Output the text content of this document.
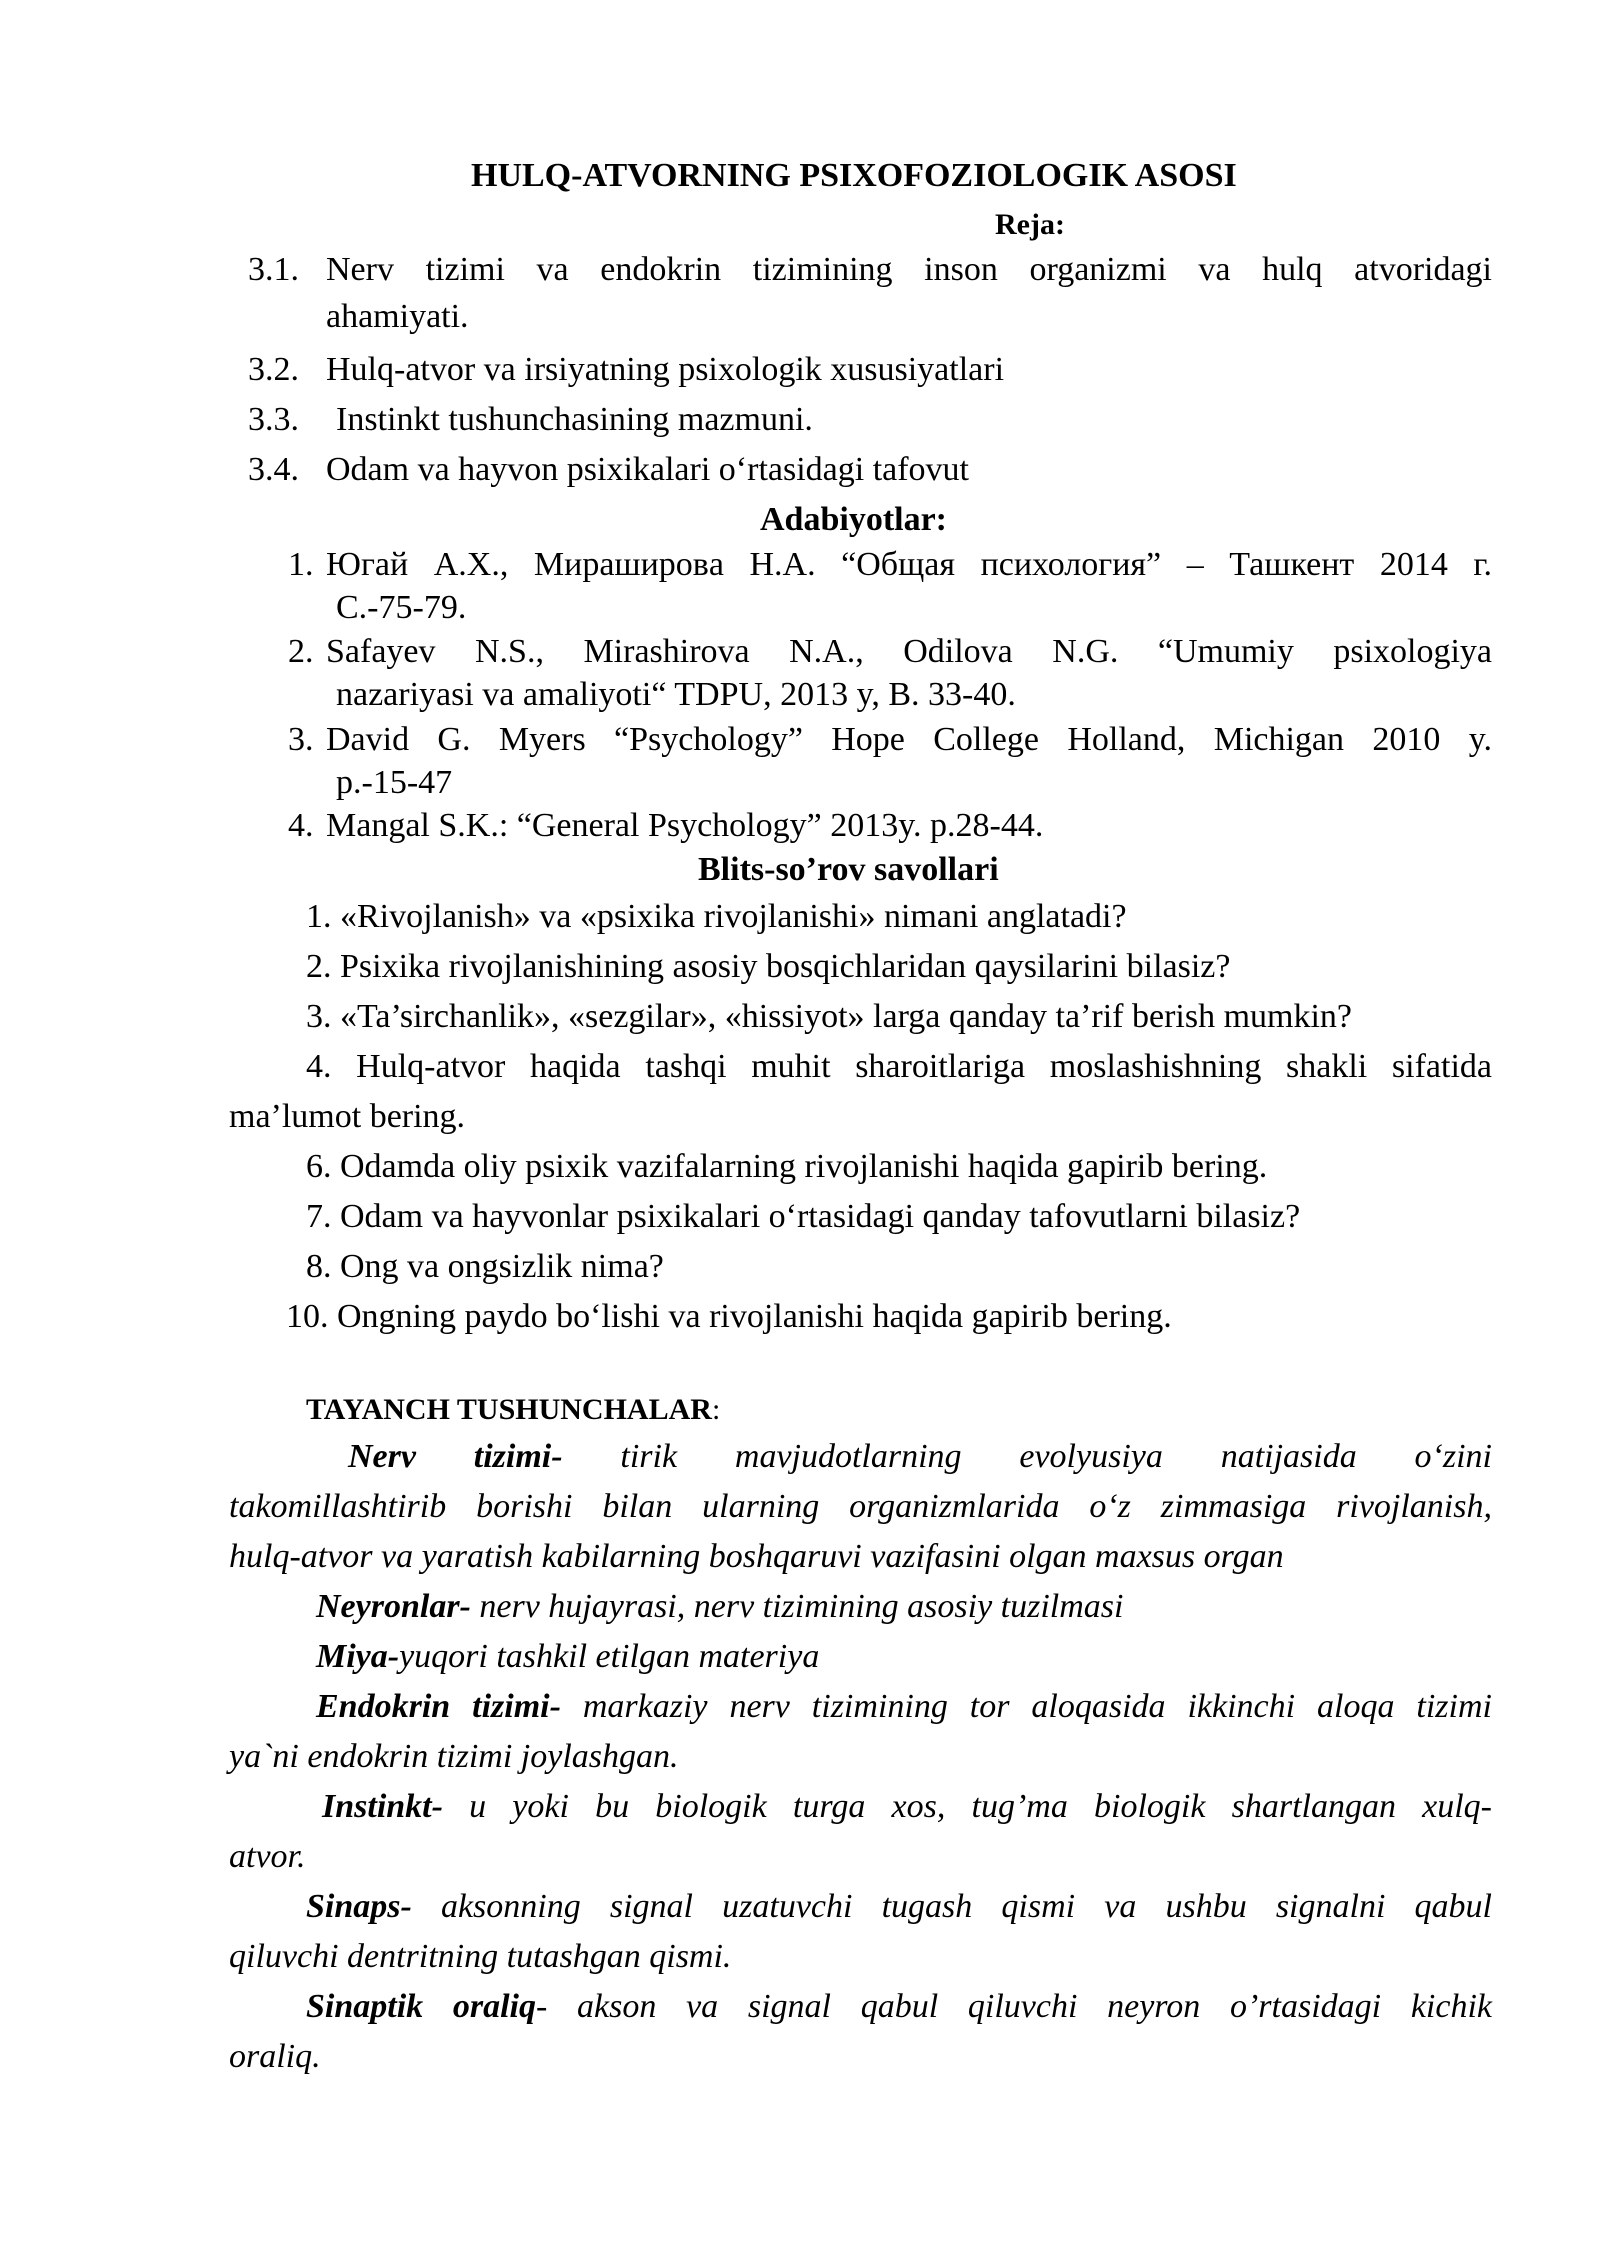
HULQ-ATVORNING PSIXOFOZIOLOGIK ASOSI
Reja:
3.1. Nerv tizimi va endokrin tizimining inson organizmi va hulq atvoridagi
ahamiyati.
3.2. Hulq-atvor va irsiyatning psixologik xususiyatlari
3.3. Instinkt tushunchasining mazmuni.
3.4. Odam va hayvon psixikalari o‘rtasidagi tafovut
Adabiyotlar:
1. Югай А.Х., Мирашировa Н.А. “Общая психология” – Ташкент 2014 г.
С.-75-79.
2. Safayev N.S., Mirashirova N.A., Odilova N.G. “Umumiy psixologiya
nazariyasi va amaliyoti“ TDPU, 2013 y, B. 33-40.
3. David G. Myers “Psychology” Hope College Holland, Michigan 2010 y.
p.-15-47
4. Mangal S.K.: “General Psychology” 2013y. p.28-44.
Blits-so’rov savollari
1. «Rivojlanish» va «psixika rivojlanishi» nimani anglatadi?
2. Psixika rivojlanishining asosiy bosqichlaridan qaysilarini bilasiz?
3. «Ta’sirchanlik», «sezgilar», «hissiyot» larga qanday ta’rif berish mumkin?
4. Hulq-atvor haqida tashqi muhit sharoitlariga moslashishning shakli sifatida
ma’lumot bering.
6. Odamda oliy psixik vazifalarning rivojlanishi haqida gapirib bering.
7. Odam va hayvonlar psixikalari o‘rtasidagi qanday tafovutlarni bilasiz?
8. Ong va ongsizlik nima?
10. Ongning paydo bo‘lishi va rivojlanishi haqida gapirib bering.
TAYANCH TUSHUNCHALAR:
Nerv tizimi- tirik mavjudotlarning evolyusiya natijasida o‘zini
takomillashtirib borishi bilan ularning organizmlarida o‘z zimmasiga rivojlanish,
hulq-atvor va yaratish kabilarning boshqaruvi vazifasini olgan maxsus organ
Neyronlar- nerv hujayrasi, nerv tizimining asosiy tuzilmasi
Miya-yuqori tashkil etilgan materiya
Endokrin tizimi- markaziy nerv tizimining tor aloqasida ikkinchi aloqa tizimi
ya`ni endokrin tizimi joylashgan.
Instinkt- u yoki bu biologik turga xos, tug’ma biologik shartlangan xulq-
atvor.
Sinaps- aksonning signal uzatuvchi tugash qismi va ushbu signalni qabul
qiluvchi dentritning tutashgan qismi.
Sinaptik oraliq- akson va signal qabul qiluvchi neyron o’rtasidagi kichik
oraliq.
